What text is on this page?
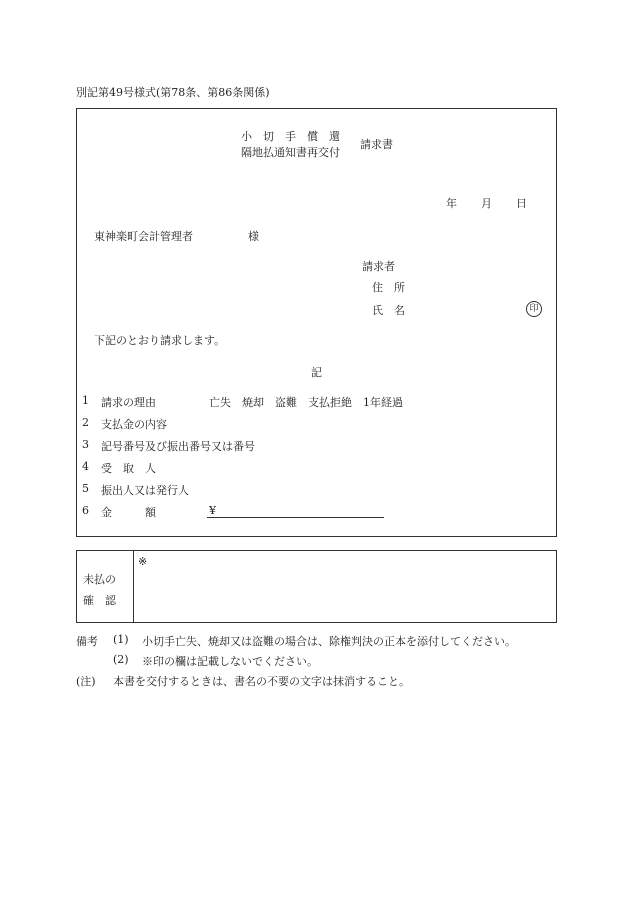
別記第49号様式(第78条、第86条関係)
小　切　手　償　還
隔地払通知書再交付
請求書
年 月 日
東神楽町会計管理者	様
請求者
住　所
氏　名	印
下記のとおり請求します。
記
1 請求の理由	亡失　焼却　盗難　支払拒絶　1年経過
2 支払金の内容
3 記号番号及び振出番号又は番号
4 受　取　人
5 振出人又は発行人
6 金　　　額	¥
未払の
確　認
※
備考 (1) 小切手亡失、焼却又は盗難の場合は、除権判決の正本を添付してください。
(2) ※印の欄は記載しないでください。
(注) 本書を交付するときは、書名の不要の文字は抹消すること。
